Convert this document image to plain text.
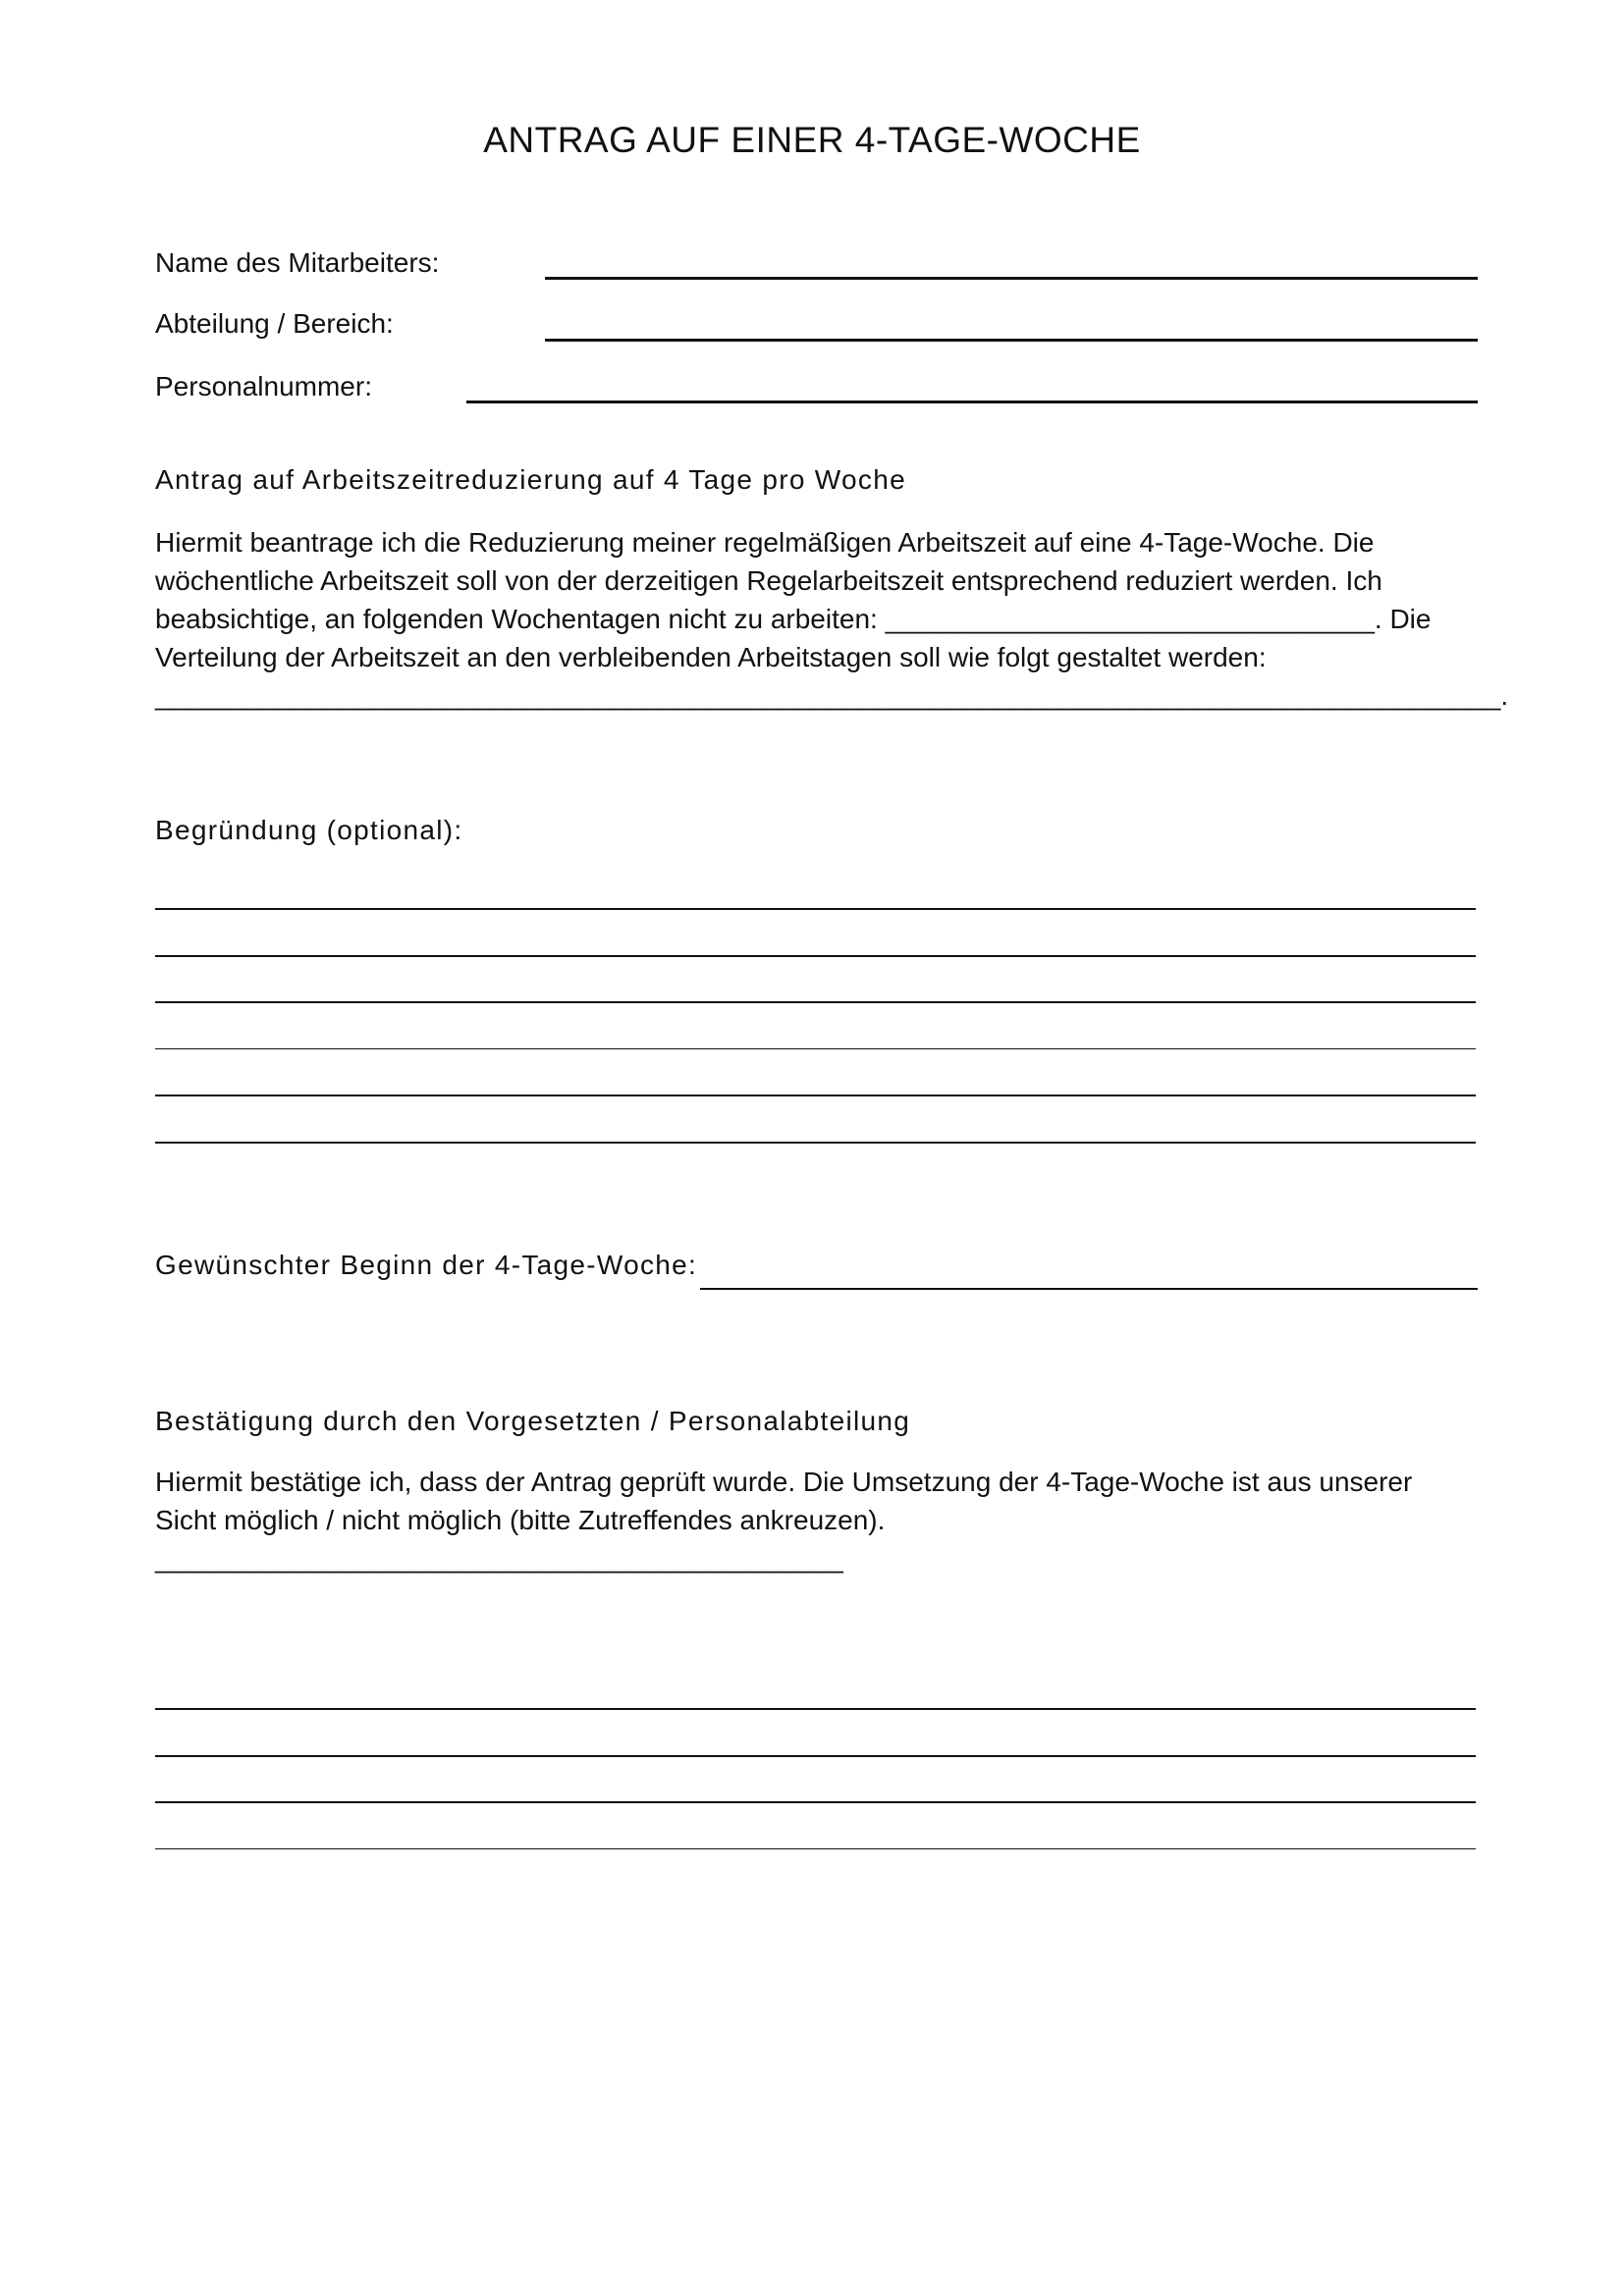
ANTRAG AUF EINER 4-TAGE-WOCHE
Name des Mitarbeiters:
Abteilung / Bereich:
Personalnummer:
Antrag auf Arbeitszeitreduzierung auf 4 Tage pro Woche

Hiermit beantrage ich die Reduzierung meiner regelmäßigen Arbeitszeit auf eine 4-Tage-Woche. Die

wöchentliche Arbeitszeit soll von der derzeitigen Regelarbeitszeit entsprechend reduziert werden. Ich

beabsichtige, an folgenden Wochentagen nicht zu arbeiten: ________________________________. Die

Verteilung der Arbeitszeit an den verbleibenden Arbeitstagen soll wie folgt gestaltet werden:

________________________________________________________________________________________.

Begründung (optional):
Gewünschter Beginn der 4-Tage-Woche:
Bestätigung durch den Vorgesetzten / Personalabteilung

Hiermit bestätige ich, dass der Antrag geprüft wurde. Die Umsetzung der 4-Tage-Woche ist aus unserer

Sicht möglich / nicht möglich (bitte Zutreffendes ankreuzen).

_____________________________________________
